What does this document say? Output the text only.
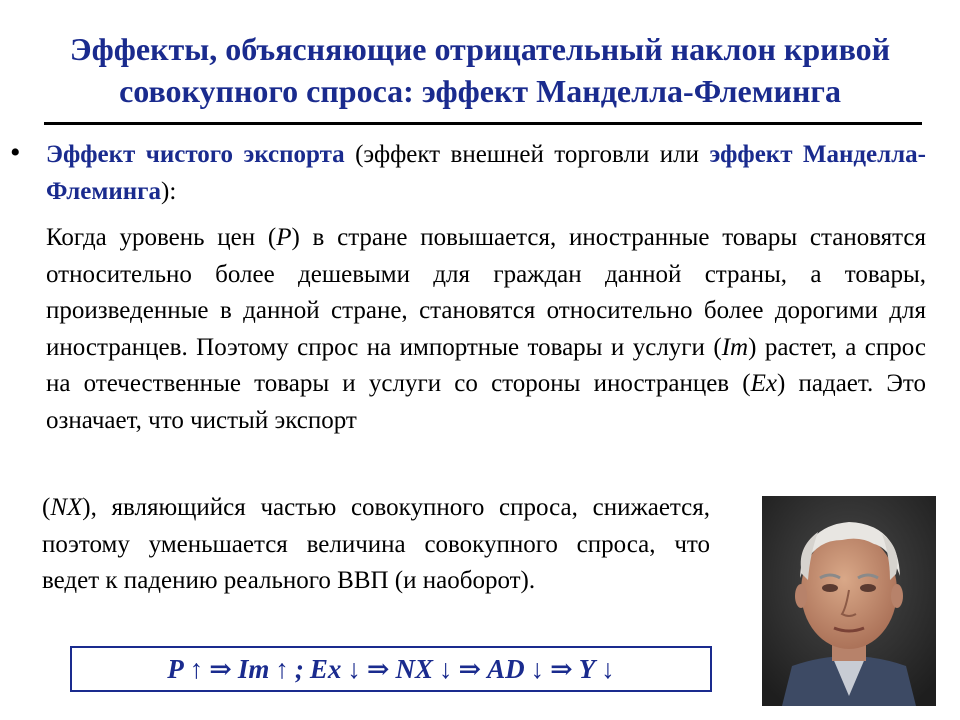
Эффекты, объясняющие отрицательный наклон кривой
совокупного спроса: эффект Манделла-Флеминга
• Эффект чистого экспорта (эффект внешней торговли или эффект Манделла-Флеминга):
Когда уровень цен (P) в стране повышается, иностранные товары становятся относительно более дешевыми для граждан данной страны, а товары, произведенные в данной стране, становятся относительно более дорогими для иностранцев. Поэтому спрос на импортные товары и услуги (Im) растет, а спрос на отечественные товары и услуги со стороны иностранцев (Ex) падает. Это означает, что чистый экспорт
(NX), являющийся частью совокупного спроса, снижается, поэтому уменьшается величина совокупного спроса, что ведет к падению реального ВВП (и наоборот).
P ↑ ⇒ Im ↑ ; Ex ↓ ⇒ NX ↓ ⇒ AD ↓ ⇒ Y ↓
